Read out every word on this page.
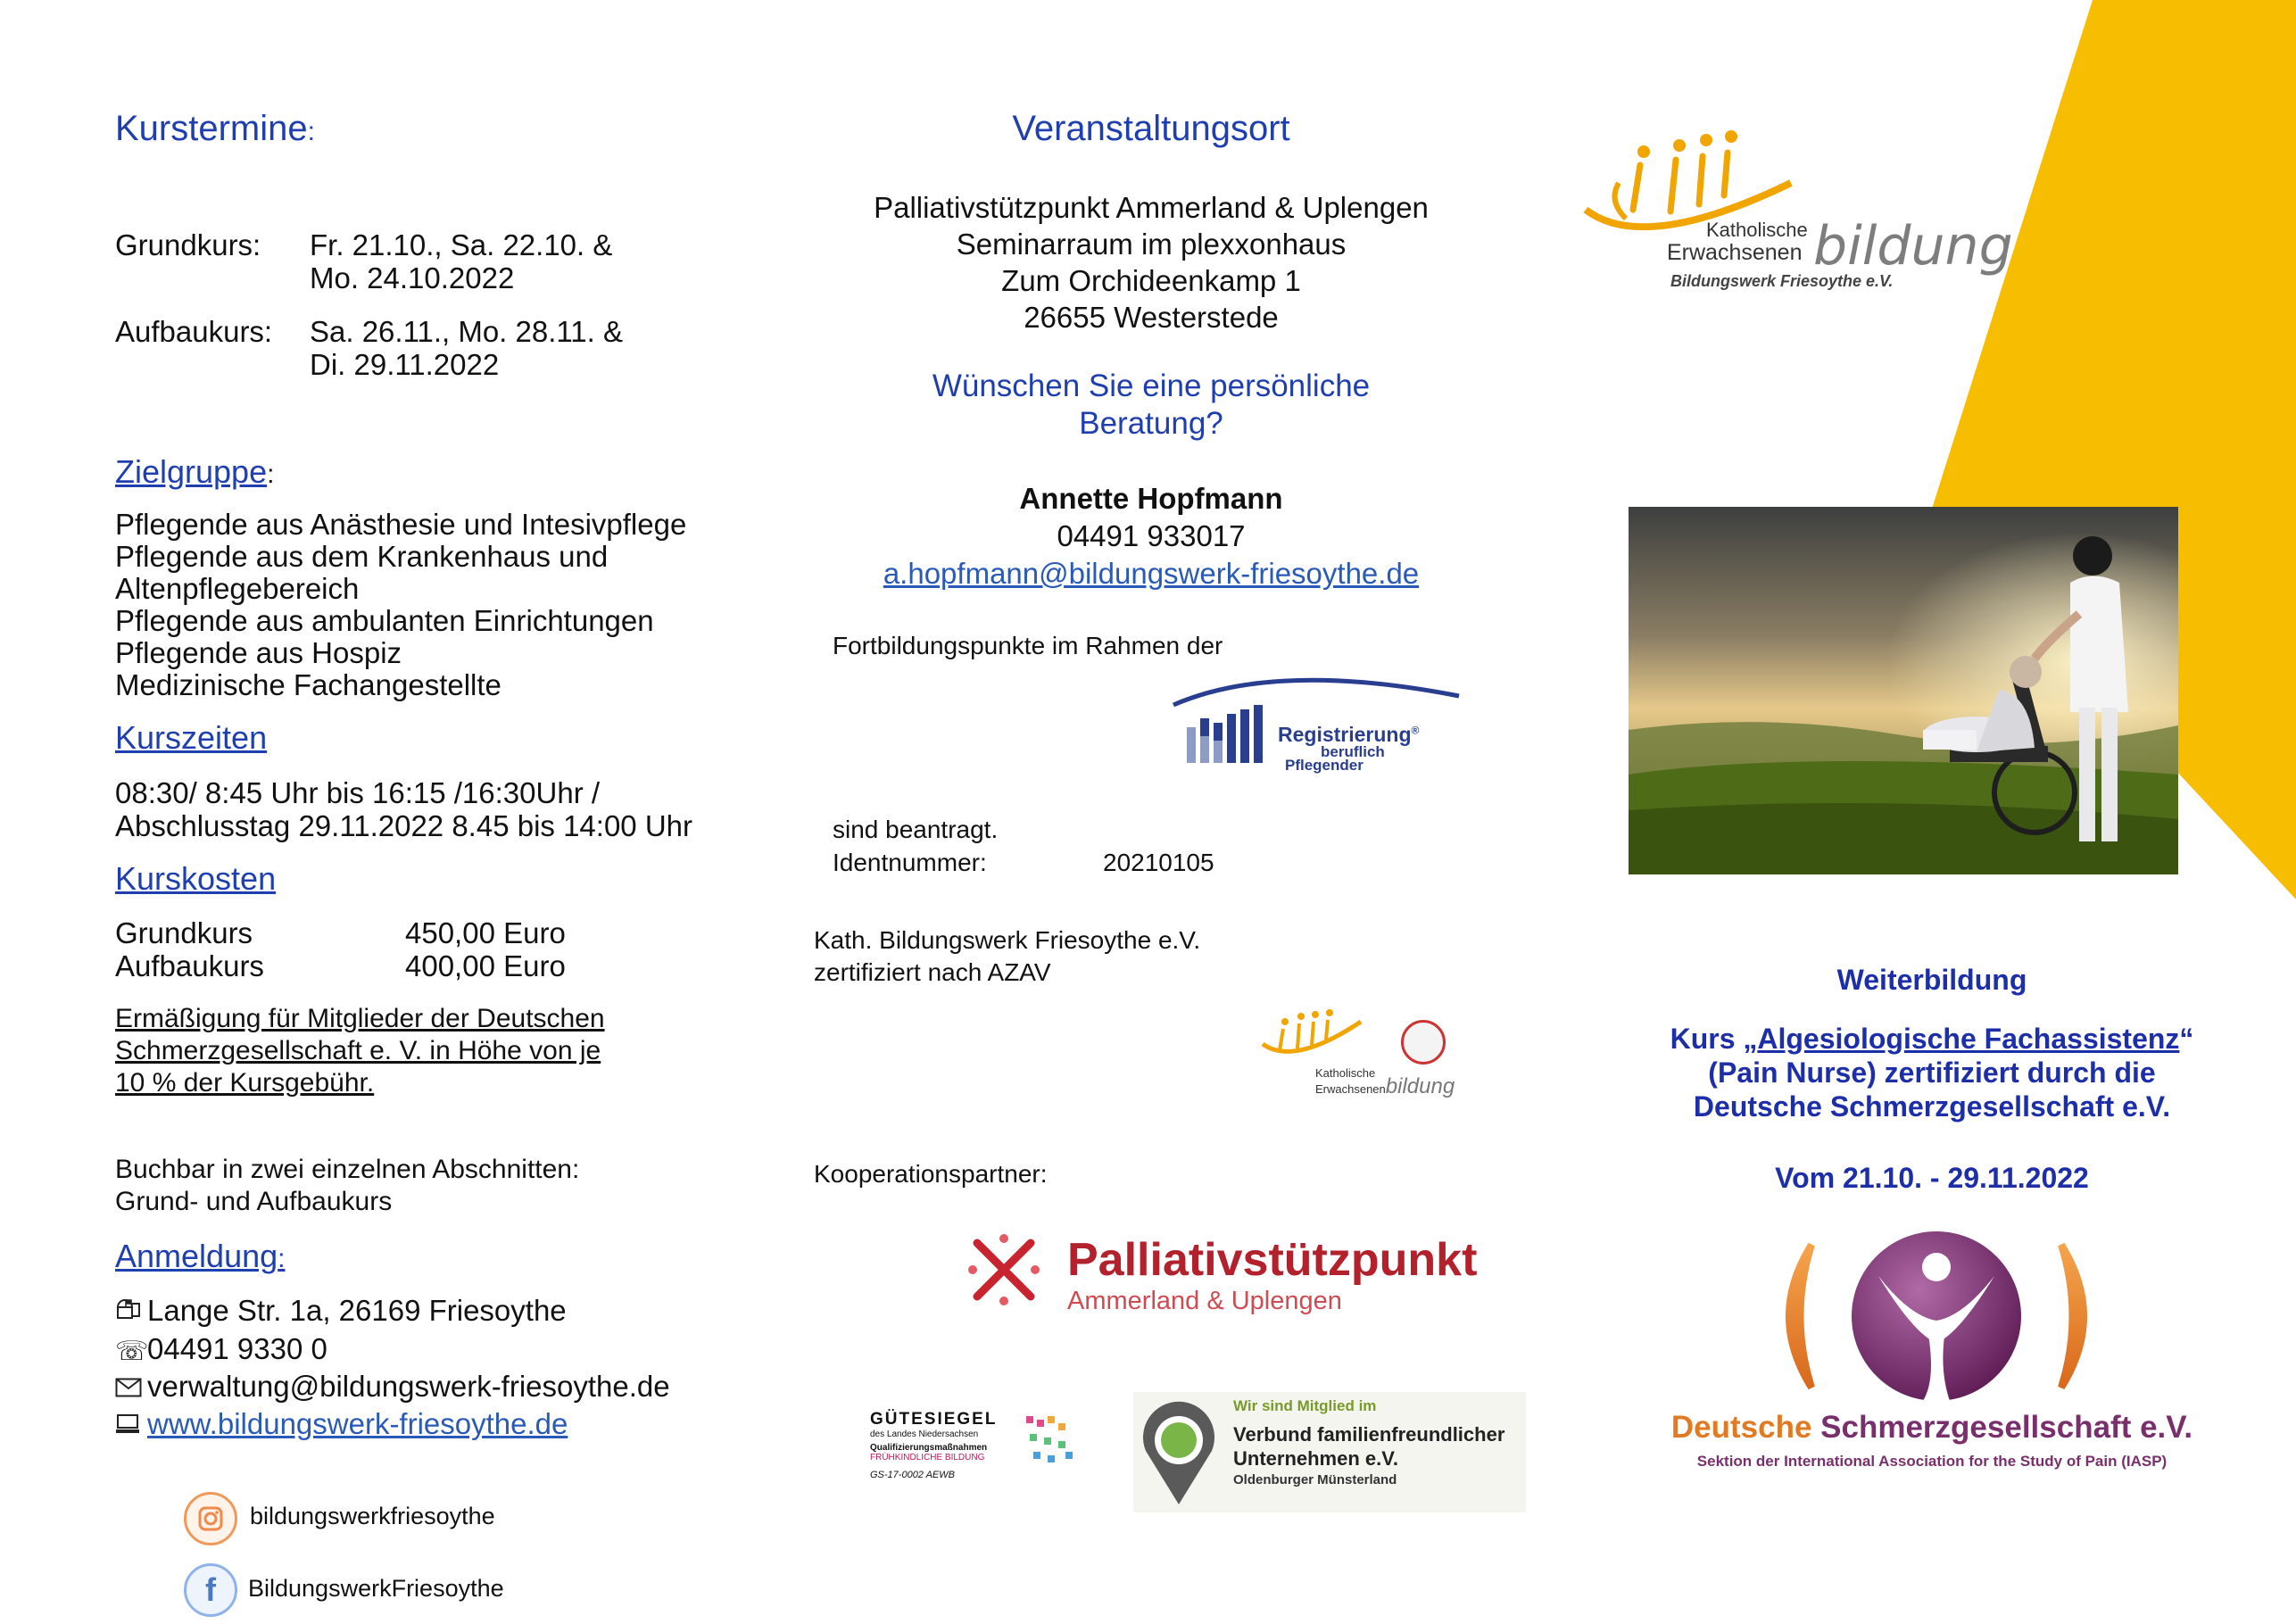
Kurstermine:
Grundkurs:	Fr. 21.10., Sa. 22.10. &
Mo. 24.10.2022
Aufbaukurs:	Sa. 26.11., Mo. 28.11. &
Di. 29.11.2022
Zielgruppe:
Pflegende aus Anästhesie und Intesivpflege
Pflegende aus dem Krankenhaus und
Altenpflegebereich
Pflegende aus ambulanten Einrichtungen
Pflegende aus Hospiz
Medizinische Fachangestellte
Kurszeiten
08:30/ 8:45 Uhr bis 16:15 /16:30Uhr /
Abschlusstag 29.11.2022 8.45 bis 14:00 Uhr
Kurskosten
Grundkurs	450,00 Euro
Aufbaukurs	400,00 Euro
Ermäßigung für Mitglieder der Deutschen
Schmerzgesellschaft e. V. in Höhe von je
10 % der Kursgebühr.
Buchbar in zwei einzelnen Abschnitten:
Grund- und Aufbaukurs
Anmeldung:
Lange Str. 1a, 26169 Friesoythe
☏04491 9330 0
verwaltung@bildungswerk-friesoythe.de
www.bildungswerk-friesoythe.de
bildungswerkfriesoythe
f	BildungswerkFriesoythe
Veranstaltungsort
Palliativstützpunkt Ammerland & Uplengen
Seminarraum im plexxonhaus
Zum Orchideenkamp 1
26655 Westerstede
Wünschen Sie eine persönliche
Beratung?
Annette Hopfmann
04491 933017
a.hopfmann@bildungswerk-friesoythe.de
Fortbildungspunkte im Rahmen der
Registrierung®
beruflich
Pflegender
sind beantragt.
Identnummer:	20210105
Kath. Bildungswerk Friesoythe e.V.
zertifiziert nach AZAV
Katholische
Erwachsenenbildung
Kooperationspartner:
Palliativstützpunkt
Ammerland & Uplengen
GÜTESIEGEL
des Landes Niedersachsen
Qualifizierungsmaßnahmen
FRÜHKINDLICHE BILDUNG
GS-17-0002 AEWB
Wir sind Mitglied im
Verbund familienfreundlicher
Unternehmen e.V.
Oldenburger Münsterland
Katholische
Erwachsenen bildung
Bildungswerk Friesoythe e.V.
Weiterbildung
Kurs „Algesiologische Fachassistenz“
(Pain Nurse) zertifiziert durch die
Deutsche Schmerzgesellschaft e.V.
Vom 21.10. - 29.11.2022
Deutsche Schmerzgesellschaft e.V.
Sektion der International Association for the Study of Pain (IASP)
